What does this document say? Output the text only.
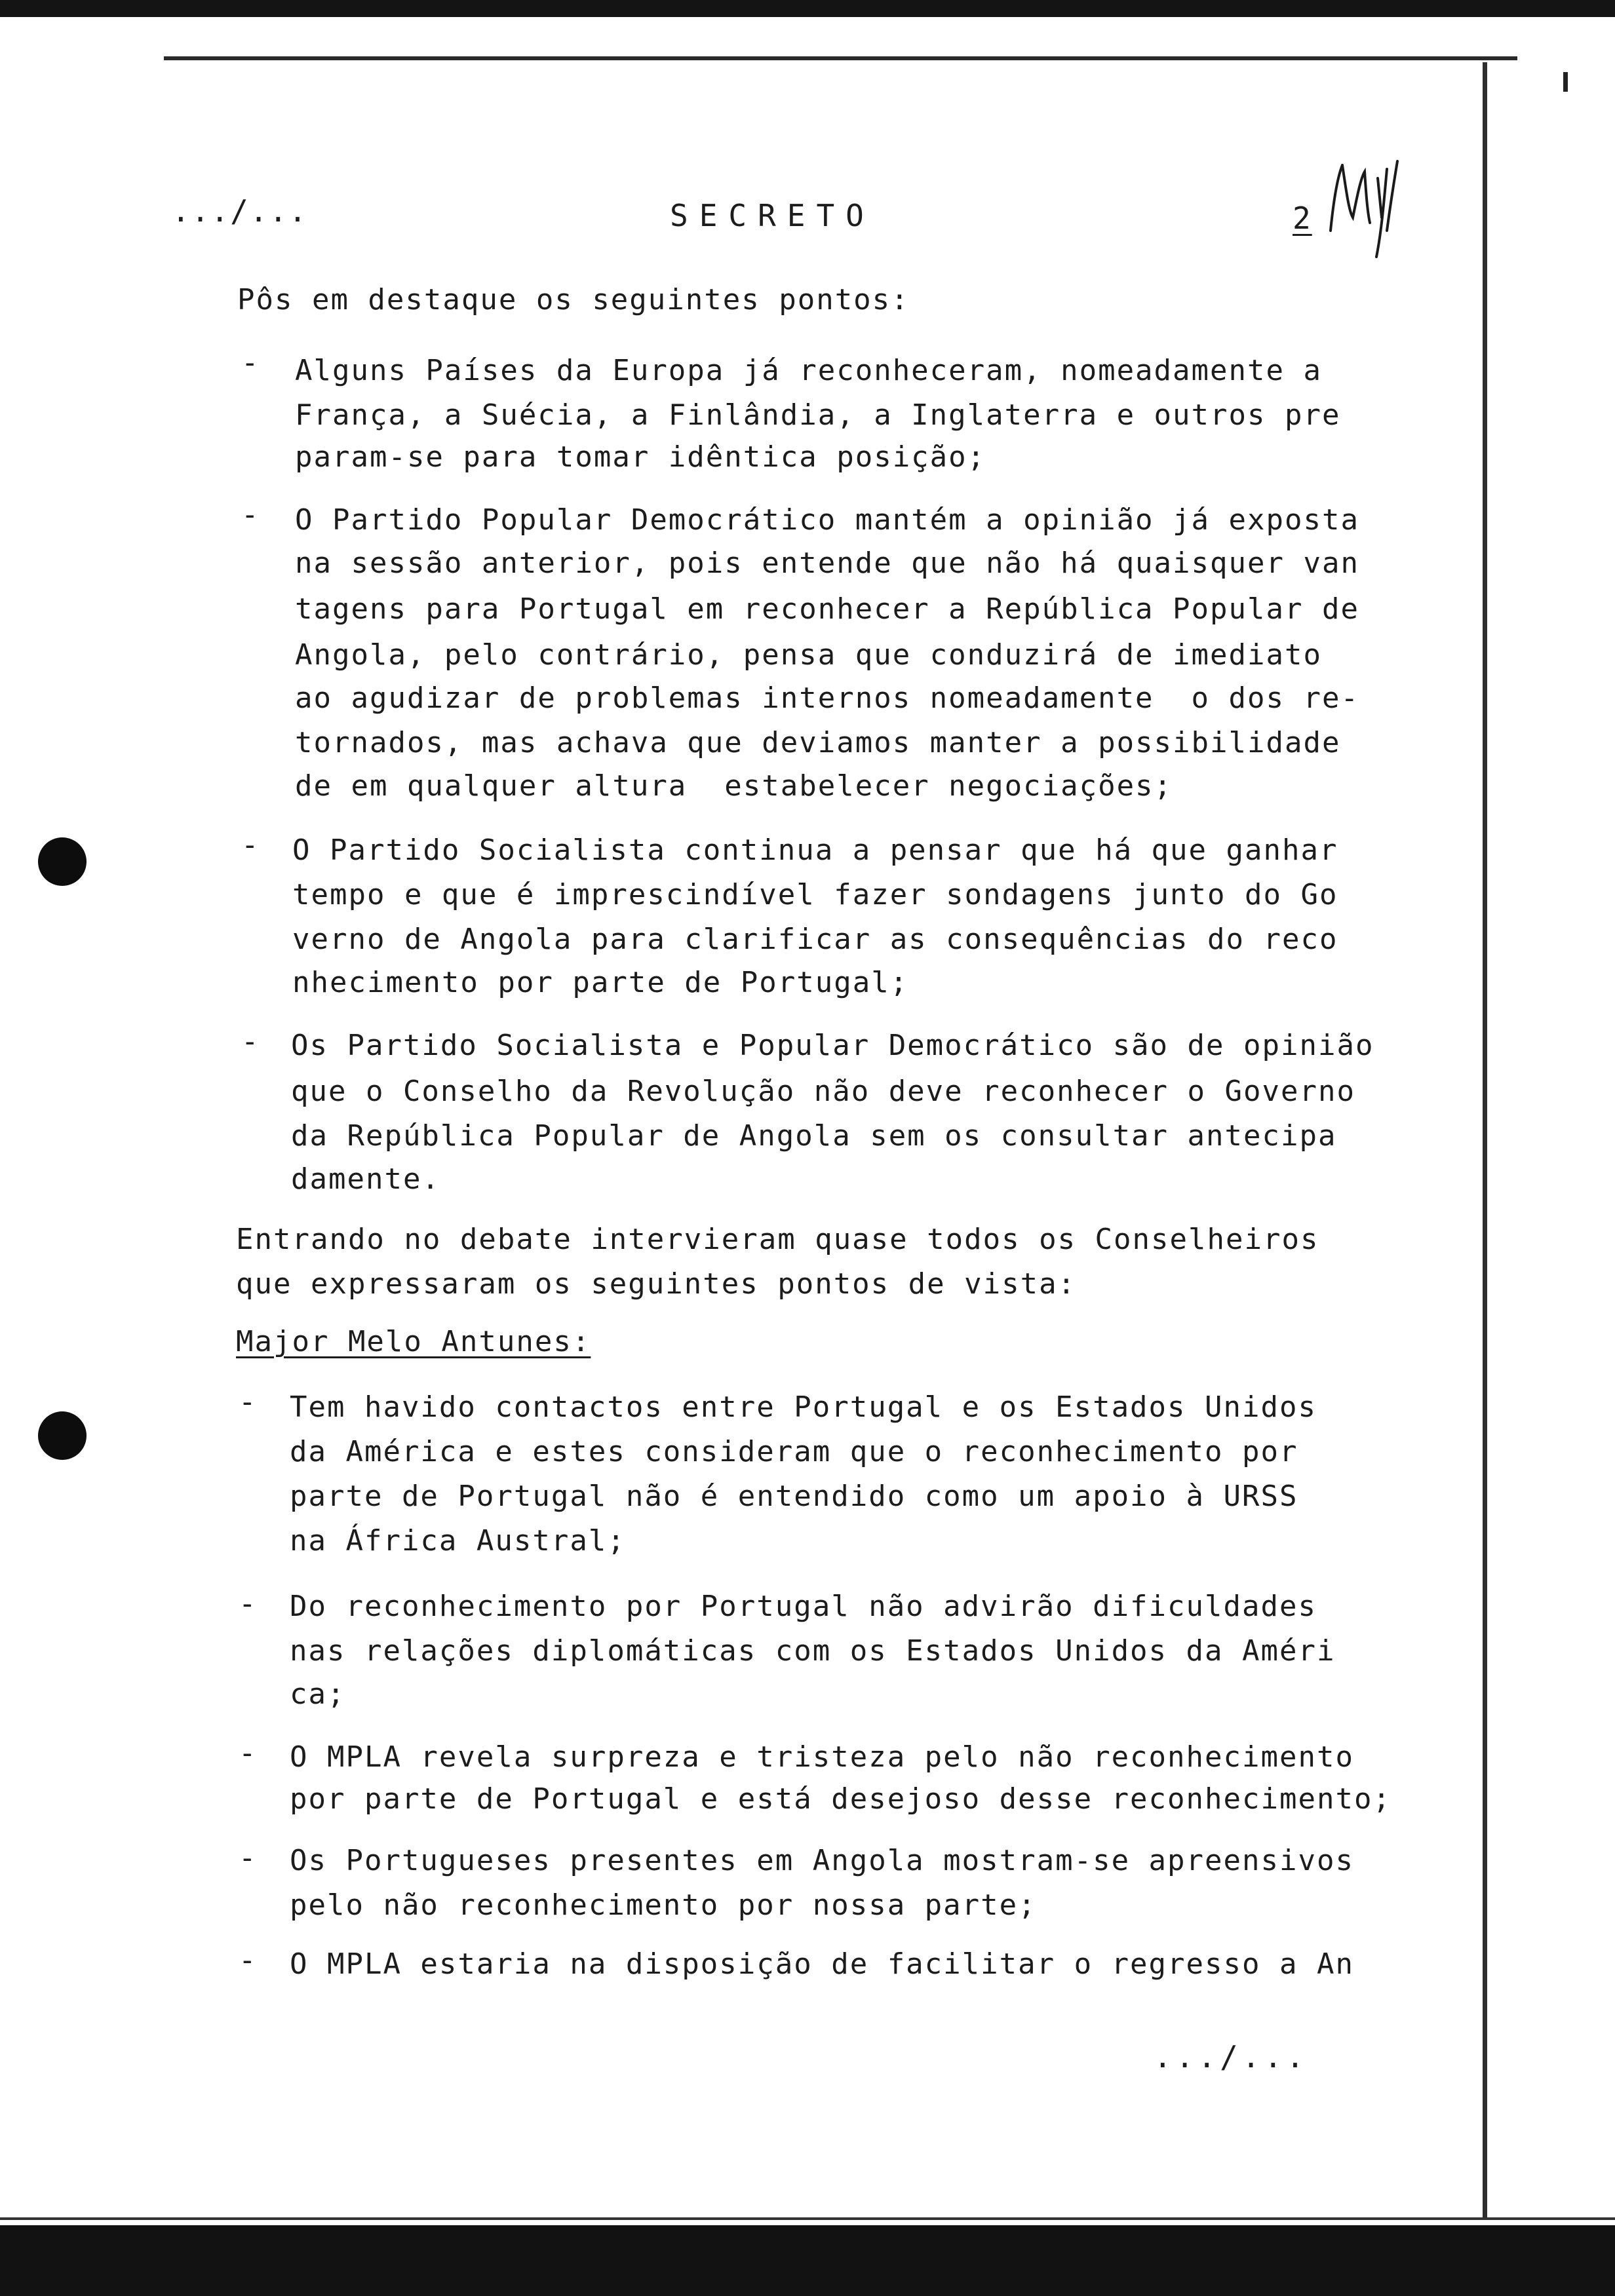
.../...	SECRETO	2
Pôs em destaque os seguintes pontos:
- Alguns Países da Europa já reconheceram, nomeadamente a
França, a Suécia, a Finlândia, a Inglaterra e outros pre
param-se para tomar idêntica posição;
- O Partido Popular Democrático mantém a opinião já exposta
na sessão anterior, pois entende que não há quaisquer van
tagens para Portugal em reconhecer a República Popular de
Angola, pelo contrário, pensa que conduzirá de imediato
ao agudizar de problemas internos nomeadamente  o dos re-
tornados, mas achava que deviamos manter a possibilidade
de em qualquer altura  estabelecer negociações;
- O Partido Socialista continua a pensar que há que ganhar
tempo e que é imprescindível fazer sondagens junto do Go
verno de Angola para clarificar as consequências do reco
nhecimento por parte de Portugal;
- Os Partido Socialista e Popular Democrático são de opinião
que o Conselho da Revolução não deve reconhecer o Governo
da República Popular de Angola sem os consultar antecipa
damente.
Entrando no debate intervieram quase todos os Conselheiros
que expressaram os seguintes pontos de vista:
Major Melo Antunes:
- Tem havido contactos entre Portugal e os Estados Unidos
da América e estes consideram que o reconhecimento por
parte de Portugal não é entendido como um apoio à URSS
na África Austral;
- Do reconhecimento por Portugal não advirão dificuldades
nas relações diplomáticas com os Estados Unidos da Améri
ca;
- O MPLA revela surpreza e tristeza pelo não reconhecimento
por parte de Portugal e está desejoso desse reconhecimento;
- Os Portugueses presentes em Angola mostram-se apreensivos
pelo não reconhecimento por nossa parte;
- O MPLA estaria na disposição de facilitar o regresso a An
.../...
